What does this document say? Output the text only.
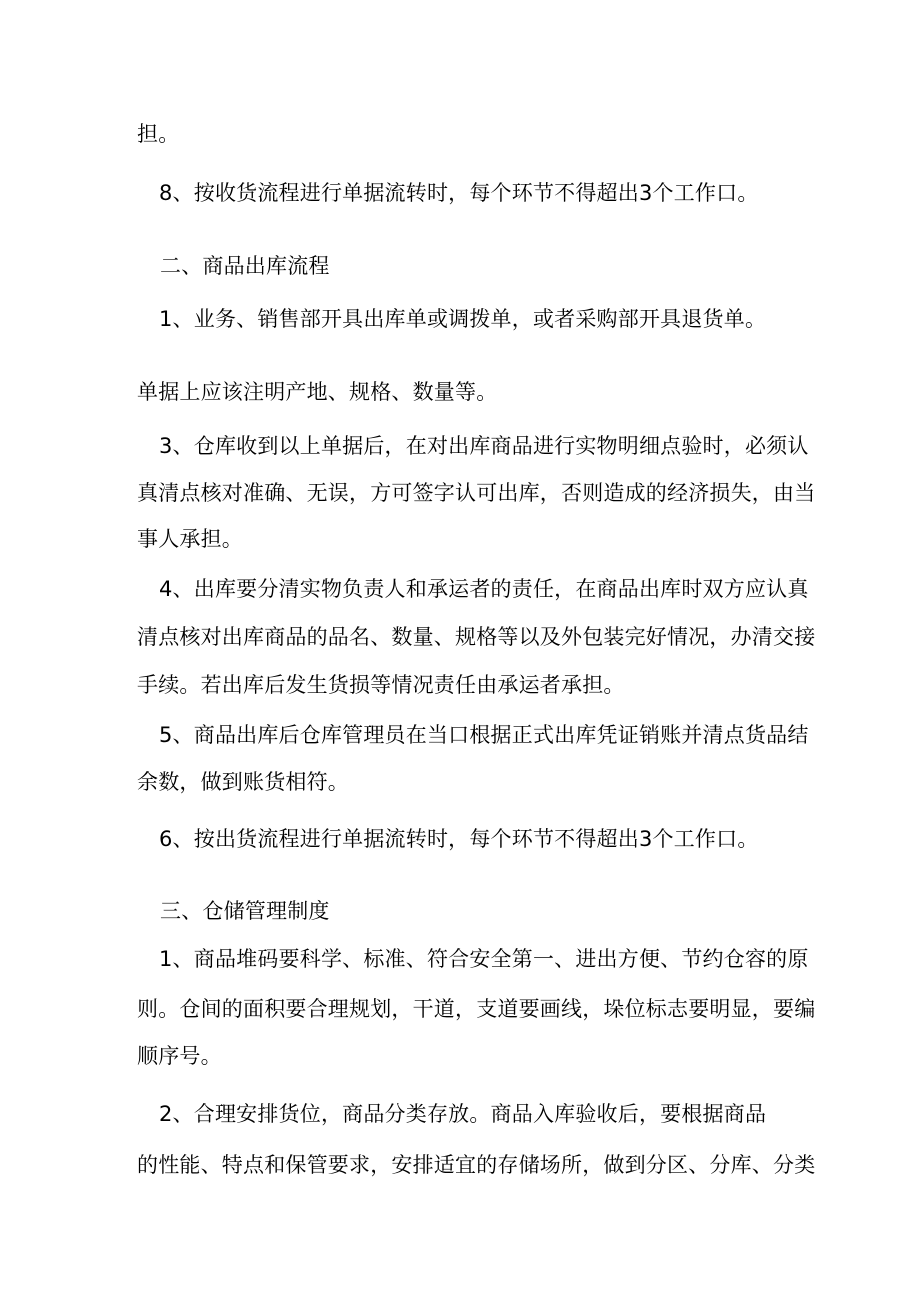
担。

8、按收货流程进行单据流转时，每个环节不得超出3个工作口。

二、商品出库流程

1、业务、销售部开具出库单或调拨单，或者采购部开具退货单。

单据上应该注明产地、规格、数量等。

3、仓库收到以上单据后，在对出库商品进行实物明细点验时，必须认

真清点核对准确、无误，方可签字认可出库，否则造成的经济损失，由当

事人承担。

4、出库要分清实物负责人和承运者的责任，在商品出库时双方应认真

清点核对出库商品的品名、数量、规格等以及外包装完好情况，办清交接

手续。若出库后发生货损等情况责任由承运者承担。

5、商品出库后仓库管理员在当口根据正式出库凭证销账并清点货品结

余数，做到账货相符。

6、按出货流程进行单据流转时，每个环节不得超出3个工作口。

三、仓储管理制度

1、商品堆码要科学、标准、符合安全第一、进出方便、节约仓容的原

则。仓间的面积要合理规划，干道，支道要画线，垛位标志要明显，要编

顺序号。

2、合理安排货位，商品分类存放。商品入库验收后，要根据商品

的性能、特点和保管要求，安排适宜的存储场所，做到分区、分库、分类
